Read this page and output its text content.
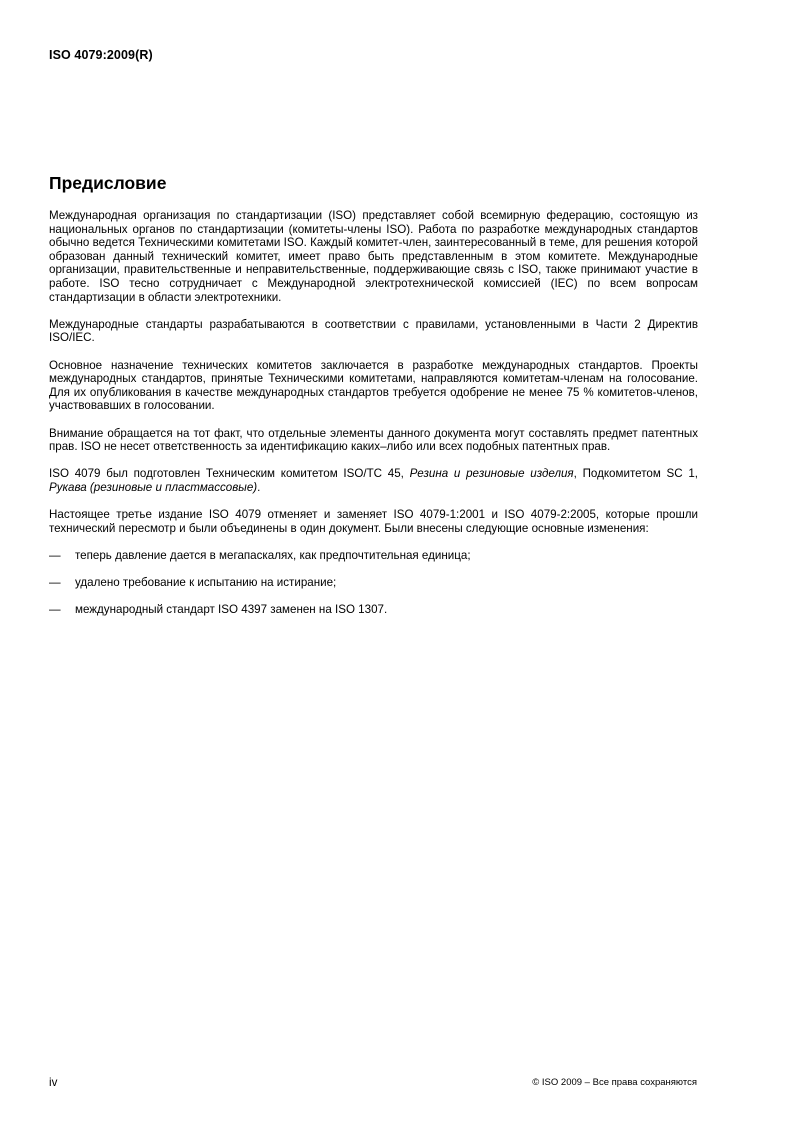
ISO 4079:2009(R)
Предисловие

Международная организация по стандартизации (ISO) представляет собой всемирную федерацию, состоящую из национальных органов по стандартизации (комитеты-члены ISO). Работа по разработке международных стандартов обычно ведется Техническими комитетами ISO. Каждый комитет-член, заинтересованный в теме, для решения которой образован данный технический комитет, имеет право быть представленным в этом комитете. Международные организации, правительственные и неправительственные, поддерживающие связь с ISO, также принимают участие в работе. ISO тесно сотрудничает с Международной электротехнической комиссией (IEC) по всем вопросам стандартизации в области электротехники.

Международные стандарты разрабатываются в соответствии с правилами, установленными в Части 2 Директив ISO/IEC.

Основное назначение технических комитетов заключается в разработке международных стандартов. Проекты международных стандартов, принятые Техническими комитетами, направляются комитетам-членам на голосование. Для их опубликования в качестве международных стандартов требуется одобрение не менее 75 % комитетов-членов, участвовавших в голосовании.

Внимание обращается на тот факт, что отдельные элементы данного документа могут составлять предмет патентных прав. ISO не несет ответственность за идентификацию каких–либо или всех подобных патентных прав.

ISO 4079 был подготовлен Техническим комитетом ISO/TC 45, Резина и резиновые изделия, Подкомитетом SC 1, Рукава (резиновые и пластмассовые).

Настоящее третье издание ISO 4079 отменяет и заменяет ISO 4079-1:2001 и ISO 4079-2:2005, которые прошли технический пересмотр и были объединены в один документ. Были внесены следующие основные изменения:

— теперь давление дается в мегапаскалях, как предпочтительная единица;
— удалено требование к испытанию на истирание;
— международный стандарт ISO 4397 заменен на ISO 1307.
iv	© ISO 2009 – Все права сохраняются
